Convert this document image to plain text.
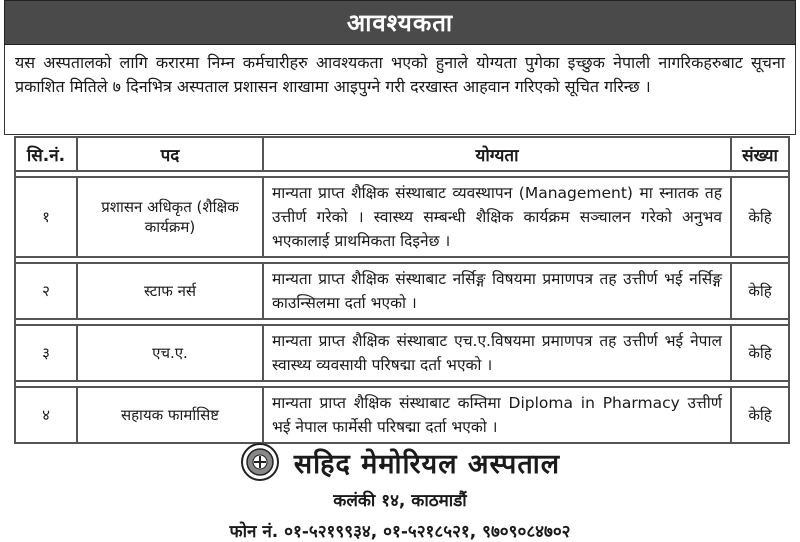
आवश्यकता
यस अस्पतालको लागि करारमा निम्न कर्मचारीहरु आवश्यकता भएको हुनाले योग्यता पुगेका इच्छुक नेपाली नागरिकहरुबाट सूचना प्रकाशित मितिले ७ दिनभित्र अस्पताल प्रशासन शाखामा आइपुग्ने गरी दरखास्त आहवान गरिएको सूचित गरिन्छ ।
सि.नं.	पद	योग्यता	संख्या

१	प्रशासन अधिकृत (शैक्षिक कार्यक्रम)	मान्यता प्राप्त शैक्षिक संस्थाबाट व्यवस्थापन (Management) मा स्नातक तह उत्तीर्ण गरेको । स्वास्थ्य सम्बन्धी शैक्षिक कार्यक्रम सञ्चालन गरेको अनुभव भएकालाई प्राथमिकता दिइनेछ ।	केहि

२	स्टाफ नर्स	मान्यता प्राप्त शैक्षिक संस्थाबाट नर्सिङ्ग विषयमा प्रमाणपत्र तह उत्तीर्ण भई नर्सिङ्ग काउन्सिलमा दर्ता भएको ।	केहि

३	एच.ए.	मान्यता प्राप्त शैक्षिक संस्थाबाट एच.ए.विषयमा प्रमाणपत्र तह उत्तीर्ण भई नेपाल स्वास्थ्य व्यवसायी परिषद्मा दर्ता भएको ।	केहि

४	सहायक फार्मासिष्ट	मान्यता प्राप्त शैक्षिक संस्थाबाट कम्तिमा Diploma in Pharmacy उत्तीर्ण भई नेपाल फार्मेसी परिषद्मा दर्ता भएको ।	केहि
सहिद मेमोरियल अस्पताल
कलंकी १४, काठमाडौं
फोन नं. ०१-५२१९९३४, ०१-५२१८५२१, ९७०९०८४७०२
